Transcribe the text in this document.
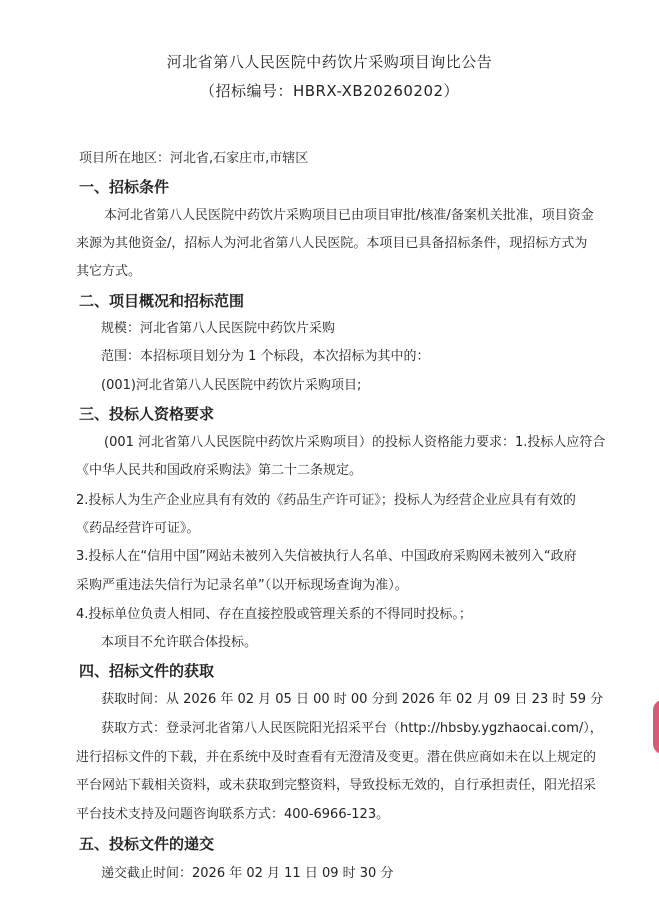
河北省第八人民医院中药饮片采购项目询比公告
（招标编号：HBRX-XB20260202）
项目所在地区：河北省,石家庄市,市辖区
一、招标条件
本河北省第八人民医院中药饮片采购项目已由项目审批/核准/备案机关批准，项目资金
来源为其他资金/，招标人为河北省第八人民医院。本项目已具备招标条件，现招标方式为
其它方式。
二、项目概况和招标范围
规模：河北省第八人民医院中药饮片采购
范围：本招标项目划分为 1 个标段，本次招标为其中的：
(001)河北省第八人民医院中药饮片采购项目;
三、投标人资格要求
(001 河北省第八人民医院中药饮片采购项目）的投标人资格能力要求：1.投标人应符合
《中华人民共和国政府采购法》第二十二条规定。
2.投标人为生产企业应具有有效的《药品生产许可证》；投标人为经营企业应具有有效的
《药品经营许可证》。
3.投标人在“信用中国”网站未被列入失信被执行人名单、中国政府采购网未被列入“政府
采购严重违法失信行为记录名单”（以开标现场查询为准）。
4.投标单位负责人相同、存在直接控股或管理关系的不得同时投标。；
本项目不允许联合体投标。
四、招标文件的获取
获取时间：从 2026 年 02 月 05 日 00 时 00 分到 2026 年 02 月 09 日 23 时 59 分
获取方式：登录河北省第八人民医院阳光招采平台（http://hbsby.ygzhaocai.com/），
进行招标文件的下载，并在系统中及时查看有无澄清及变更。潜在供应商如未在以上规定的
平台网站下载相关资料，或未获取到完整资料，导致投标无效的，自行承担责任，阳光招采
平台技术支持及问题咨询联系方式：400-6966-123。
五、投标文件的递交
递交截止时间：2026 年 02 月 11 日 09 时 30 分
